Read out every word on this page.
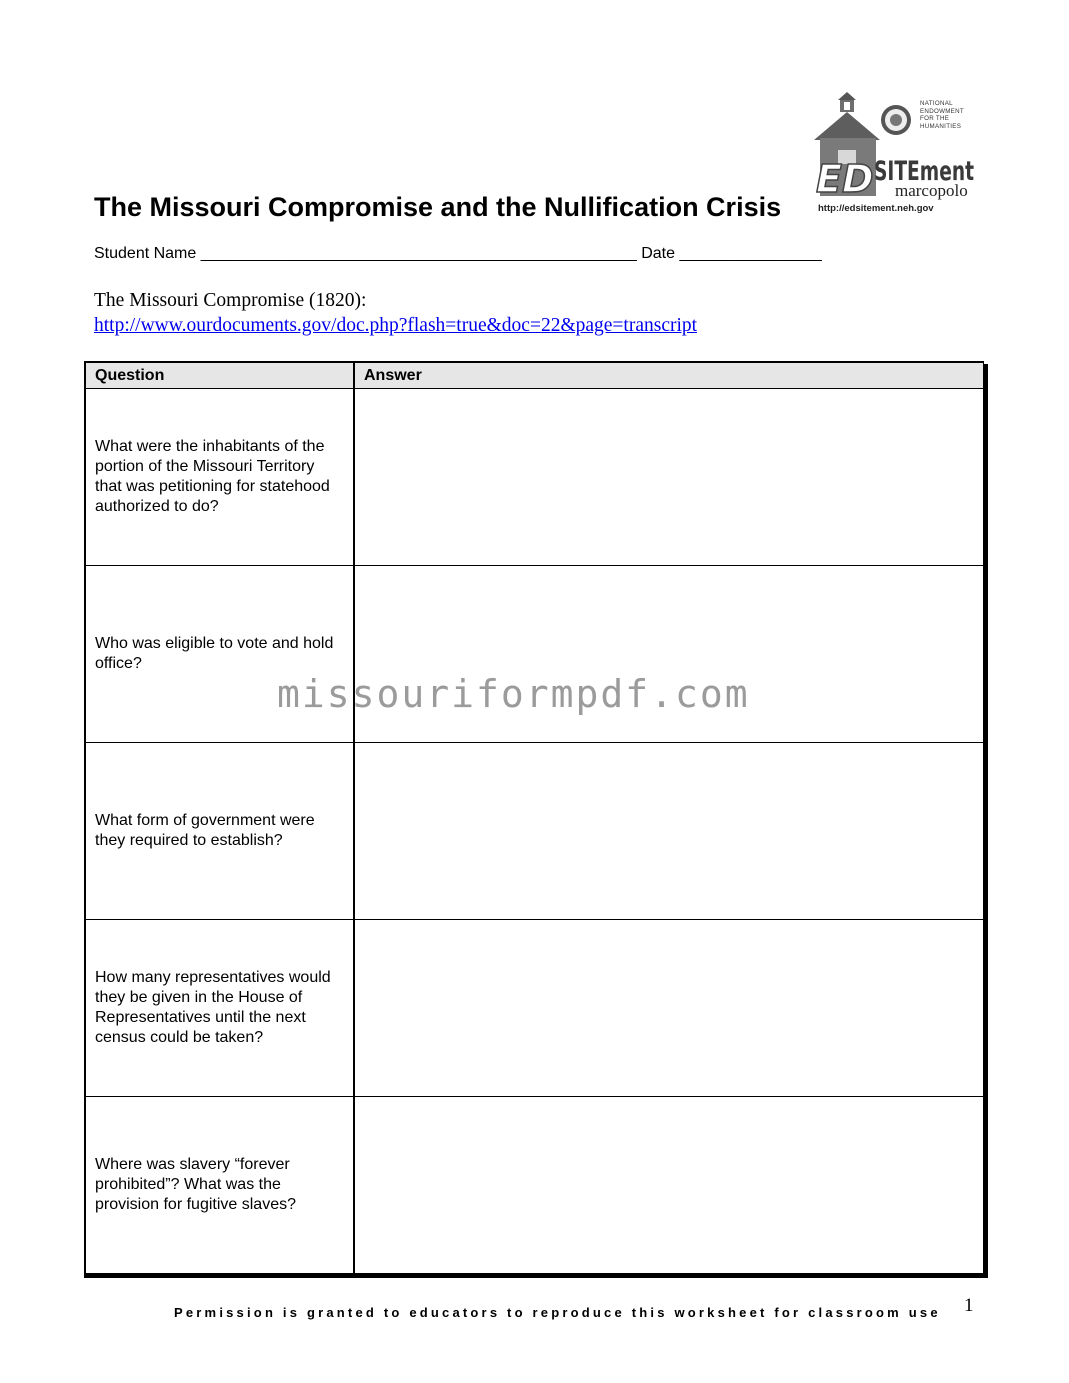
ED SITEment
NATIONAL
ENDOWMENT
FOR THE
HUMANITIES
marcopolo
http://edsitement.neh.gov
The Missouri Compromise and the Nullification Crisis
Student Name _________________________________________________ Date ________________
The Missouri Compromise (1820):
http://www.ourdocuments.gov/doc.php?flash=true&doc=22&page=transcript
Question	Answer
What were the inhabitants of the portion of the Missouri Territory that was petitioning for statehood authorized to do?	
Who was eligible to vote and hold office?	
What form of government were they required to establish?	
How many representatives would they be given in the House of Representatives until the next census could be taken?	
Where was slavery “forever prohibited”? What was the provision for fugitive slaves?	
missouriformpdf.com
Permission is granted to educators to reproduce this worksheet for classroom use 1
